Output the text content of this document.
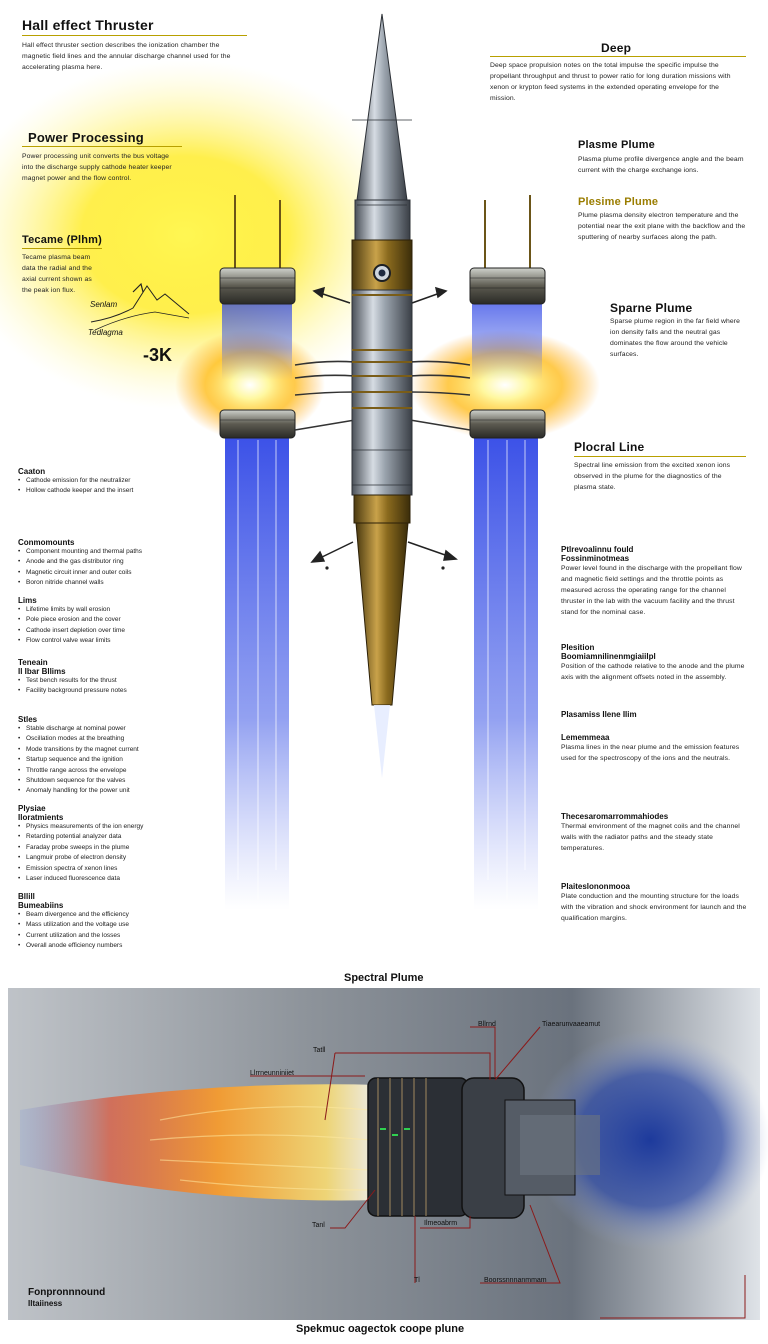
Hall effect Thruster
Hall effect thruster section describes the ionization chamber the magnetic field lines and the annular discharge channel used for the accelerating plasma here.
Power Processing
Power processing unit converts the bus voltage into the discharge supply cathode heater keeper magnet power and the flow control.
Tecame (Plhm)
Tecame plasma beam data the radial and the axial current shown as the peak ion flux.
Senlam
Tedlagma
-3K
Deep
Deep space propulsion notes on the total impulse the specific impulse the propellant throughput and thrust to power ratio for long duration missions with xenon or krypton feed systems in the extended operating envelope for the mission.
Plasme Plume
Plasma plume profile divergence angle and the beam current with the charge exchange ions.
Plesime Plume
Plume plasma density electron temperature and the potential near the exit plane with the backflow and the sputtering of nearby surfaces along the path.
Sparne Plume
Sparse plume region in the far field where ion density falls and the neutral gas dominates the flow around the vehicle surfaces.
Plocral Line
Spectral line emission from the excited xenon ions observed in the plume for the diagnostics of the plasma state.
Caaton
• Cathode emission for the neutralizer
• Hollow cathode keeper and the insert
Conmomounts
• Component mounting and thermal paths
• Anode and the gas distributor ring
• Magnetic circuit inner and outer coils
• Boron nitride channel walls
Lims
• Lifetime limits by wall erosion
• Pole piece erosion and the cover
• Cathode insert depletion over time
• Flow control valve wear limits
Teneain
Il Ibar Bllims
• Test bench results for the thrust
• Facility background pressure notes
Stles
• Stable discharge at nominal power
• Oscillation modes at the breathing
• Mode transitions by the magnet current
• Startup sequence and the ignition
• Throttle range across the envelope
• Shutdown sequence for the valves
• Anomaly handling for the power unit
Plysiae
Iloratmients
• Physics measurements of the ion energy
• Retarding potential analyzer data
• Faraday probe sweeps in the plume
• Langmuir probe of electron density
• Emission spectra of xenon lines
• Laser induced fluorescence data
Bllill
Bumeabiins
• Beam divergence and the efficiency
• Mass utilization and the voltage use
• Current utilization and the losses
• Overall anode efficiency numbers
Ptlrevoalinnu fould
Fossinminotmeas
Power level found in the discharge with the propellant flow and magnetic field settings and the throttle points as measured across the operating range for the channel thruster in the lab with the vacuum facility and the thrust stand for the nominal case.
Plesition
Boomiamnilinenmgiaiilpl
Position of the cathode relative to the anode and the plume axis with the alignment offsets noted in the assembly.
Plasamiss Ilene Ilim
Lememmeaa
Plasma lines in the near plume and the emission features used for the spectroscopy of the ions and the neutrals.
Thecesaromarrommahiodes
Thermal environment of the magnet coils and the channel walls with the radiator paths and the steady state temperatures.
Plaiteslononmooa
Plate conduction and the mounting structure for the loads with the vibration and shock environment for launch and the qualification margins.
Spectral Plume
Bllrnd	Tiaearunvaaeamut
Tatll
Llrrneunniniiet
Tanl	Ilmeoabrm
Tl	Boorssnnnanmmam
Fonpronnnound
Iltaiiness
Spekmuc oagectok coope plune
